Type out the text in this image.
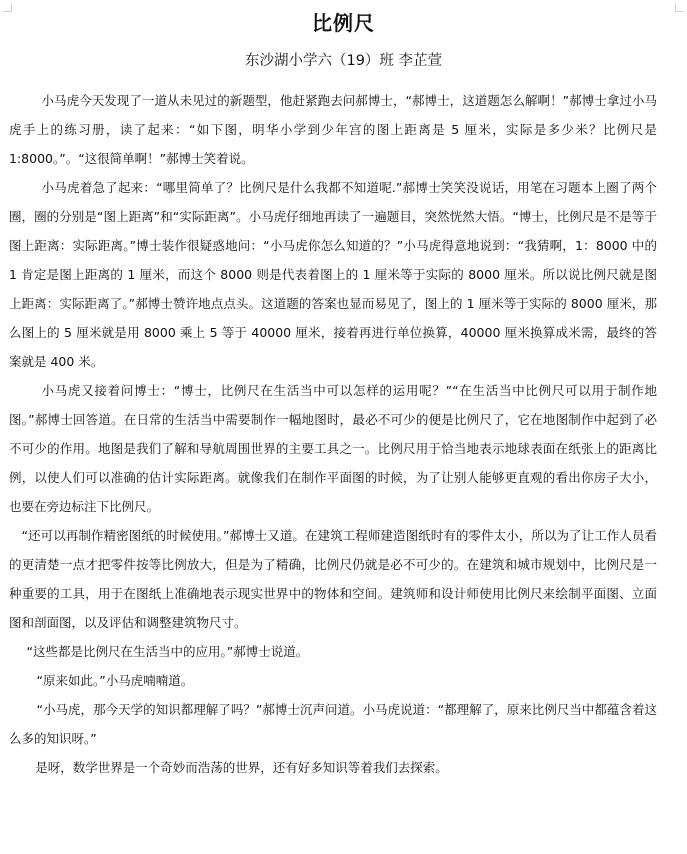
比例尺
东沙湖小学六（19）班 李芷萱

小马虎今天发现了一道从未见过的新题型，他赶紧跑去问郝博士，“郝博士，这道题怎么解啊！”郝博士拿过小马虎手上的练习册，读了起来：“如下图，明华小学到少年宫的图上距离是 5 厘米，实际是多少米？比例尺是 1:8000。”。“这很简单啊！”郝博士笑着说。

小马虎着急了起来：“哪里简单了？比例尺是什么我都不知道呢.”郝博士笑笑没说话，用笔在习题本上圈了两个圈，圈的分别是“图上距离”和“实际距离”。小马虎仔细地再读了一遍题目，突然恍然大悟。“博士，比例尺是不是等于图上距离：实际距离。”博士装作很疑惑地问：“小马虎你怎么知道的？”小马虎得意地说到：“我猜啊，1：8000 中的 1 肯定是图上距离的 1 厘米，而这个 8000 则是代表着图上的 1 厘米等于实际的 8000 厘米。所以说比例尺就是图上距离：实际距离了。”郝博士赞许地点点头。这道题的答案也显而易见了，图上的 1 厘米等于实际的 8000 厘米，那么图上的 5 厘米就是用 8000 乘上 5 等于 40000 厘米，接着再进行单位换算，40000 厘米换算成米需，最终的答案就是 400 米。

小马虎又接着问博士：“博士，比例尺在生活当中可以怎样的运用呢？”“在生活当中比例尺可以用于制作地图。”郝博士回答道。在日常的生活当中需要制作一幅地图时，最必不可少的便是比例尺了，它在地图制作中起到了必不可少的作用。地图是我们了解和导航周围世界的主要工具之一。比例尺用于恰当地表示地球表面在纸张上的距离比例，以使人们可以准确的估计实际距离。就像我们在制作平面图的时候，为了让别人能够更直观的看出你房子大小，也要在旁边标注下比例尺。

“还可以再制作精密图纸的时候使用。”郝博士又道。在建筑工程师建造图纸时有的零件太小，所以为了让工作人员看的更清楚一点才把零件按等比例放大，但是为了精确，比例尺仍就是必不可少的。在建筑和城市规划中，比例尺是一种重要的工具，用于在图纸上准确地表示现实世界中的物体和空间。建筑师和设计师使用比例尺来绘制平面图、立面图和剖面图，以及评估和调整建筑物尺寸。

“这些都是比例尺在生活当中的应用。”郝博士说道。

“原来如此。”小马虎喃喃道。

“小马虎，那今天学的知识都理解了吗？”郝博士沉声问道。小马虎说道：“都理解了，原来比例尺当中都蕴含着这么多的知识呀。”

是呀，数学世界是一个奇妙而浩荡的世界，还有好多知识等着我们去探索。
